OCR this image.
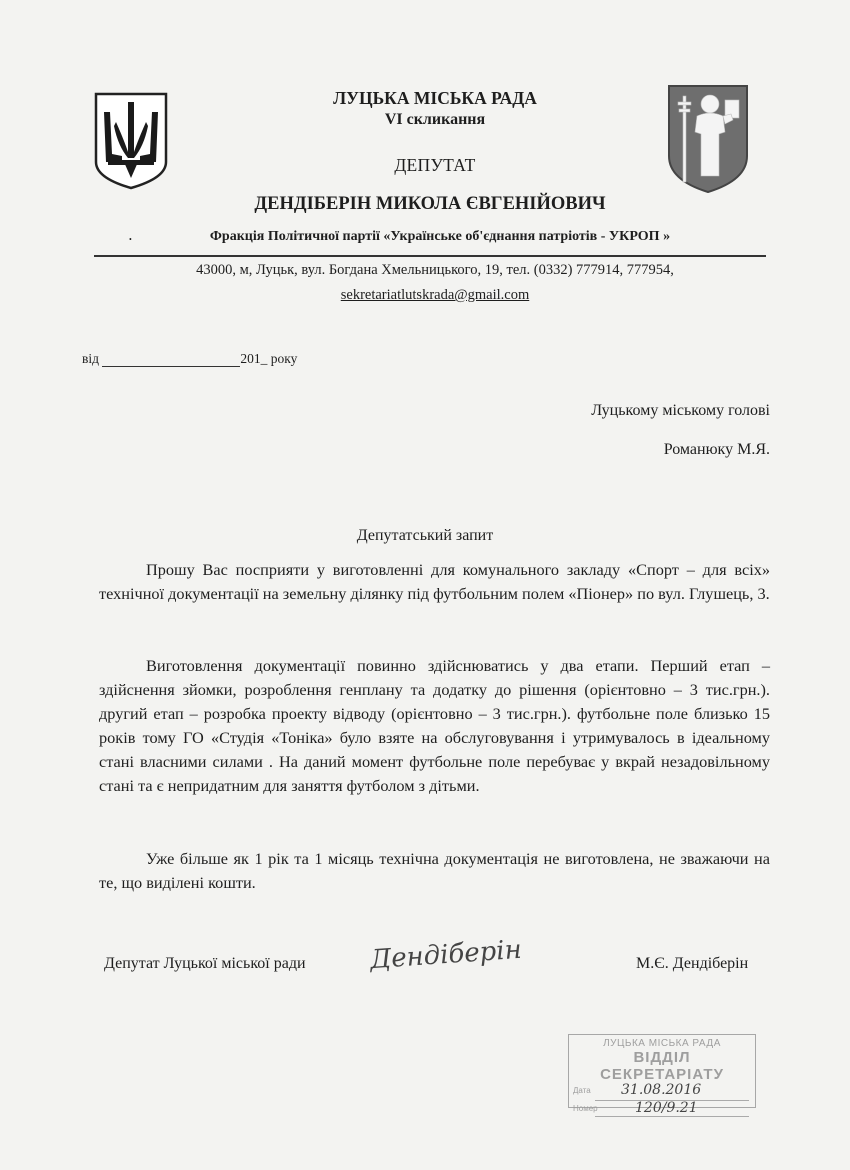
ЛУЦЬКА МІСЬКА РАДА
VI скликання
ДЕПУТАТ
ДЕНДІБЕРІН МИКОЛА ЄВГЕНІЙОВИЧ
•	Фракція Політичної партії «Українське об'єднання патріотів - УКРОП »
43000, м, Луцьк, вул. Богдана Хмельницького, 19, тел. (0332) 777914, 777954,
sekretariatlutskrada@gmail.com
від	201_ року
Луцькому міському голові
Романюку М.Я.
Депутатський запит
Прошу Вас посприяти у виготовленні для комунального закладу «Спорт – для всіх» технічної документації на земельну ділянку під футбольним полем «Піонер» по вул. Глушець, 3.
Виготовлення документації повинно здійснюватись у два етапи. Перший етап – здійснення зйомки, розроблення генплану та додатку до рішення (орієнтовно – 3 тис.грн.). другий етап – розробка проекту відводу (орієнтовно – 3 тис.грн.). футбольне поле близько 15 років тому ГО «Студія «Тоніка» було взяте на обслуговування і утримувалось в ідеальному стані власними силами . На даний момент футбольне поле перебуває у вкрай незадовільному стані та є непридатним для заняття футболом з дітьми.
Уже більше як 1 рік та 1 місяць технічна документація не виготовлена, не зважаючи на те, що виділені кошти.
Депутат Луцької міської ради Дендіберін	М.Є. Дендіберін
ЛУЦЬКА МІСЬКА РАДА
ВІДДІЛ СЕКРЕТАРІАТУ
Дата 31.08.2016
Номер	120/9.21
